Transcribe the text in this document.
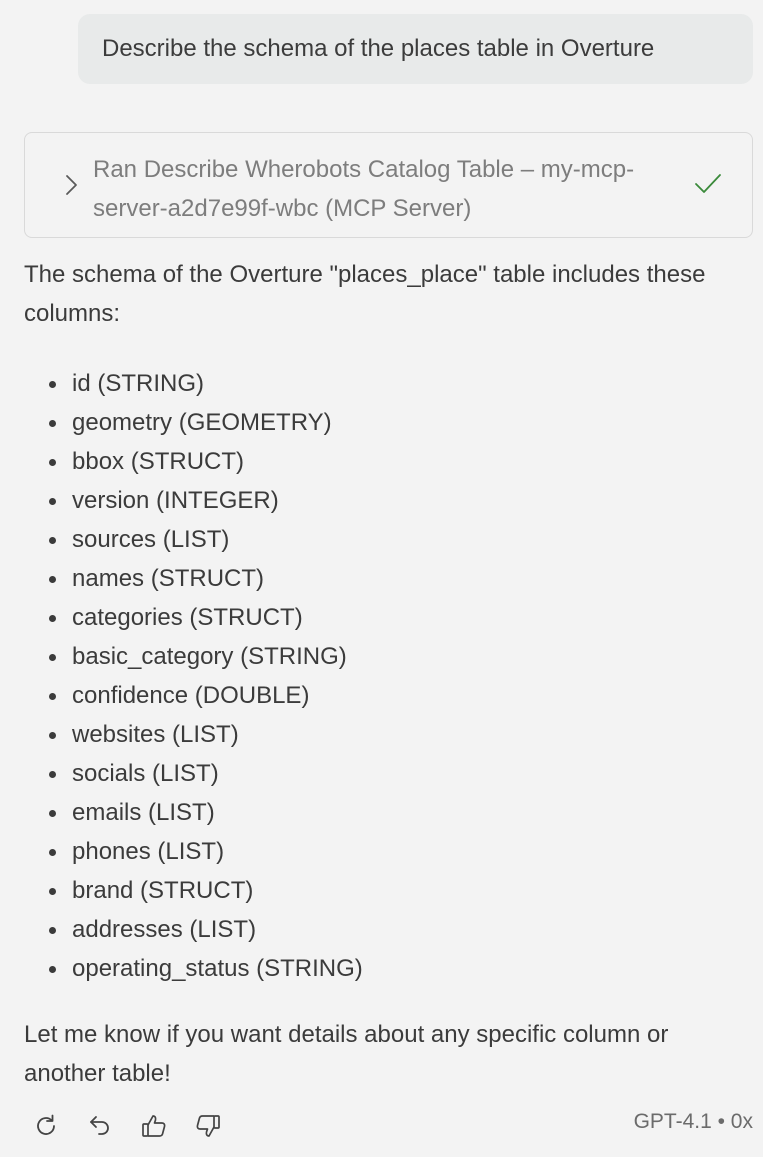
Describe the schema of the places table in Overture
Ran Describe Wherobots Catalog Table – my-mcp-server-a2d7e99f-wbc (MCP Server)
The schema of the Overture "places_place" table includes these columns:
id (STRING)
geometry (GEOMETRY)
bbox (STRUCT)
version (INTEGER)
sources (LIST)
names (STRUCT)
categories (STRUCT)
basic_category (STRING)
confidence (DOUBLE)
websites (LIST)
socials (LIST)
emails (LIST)
phones (LIST)
brand (STRUCT)
addresses (LIST)
operating_status (STRING)
Let me know if you want details about any specific column or another table!
GPT-4.1 • 0x
